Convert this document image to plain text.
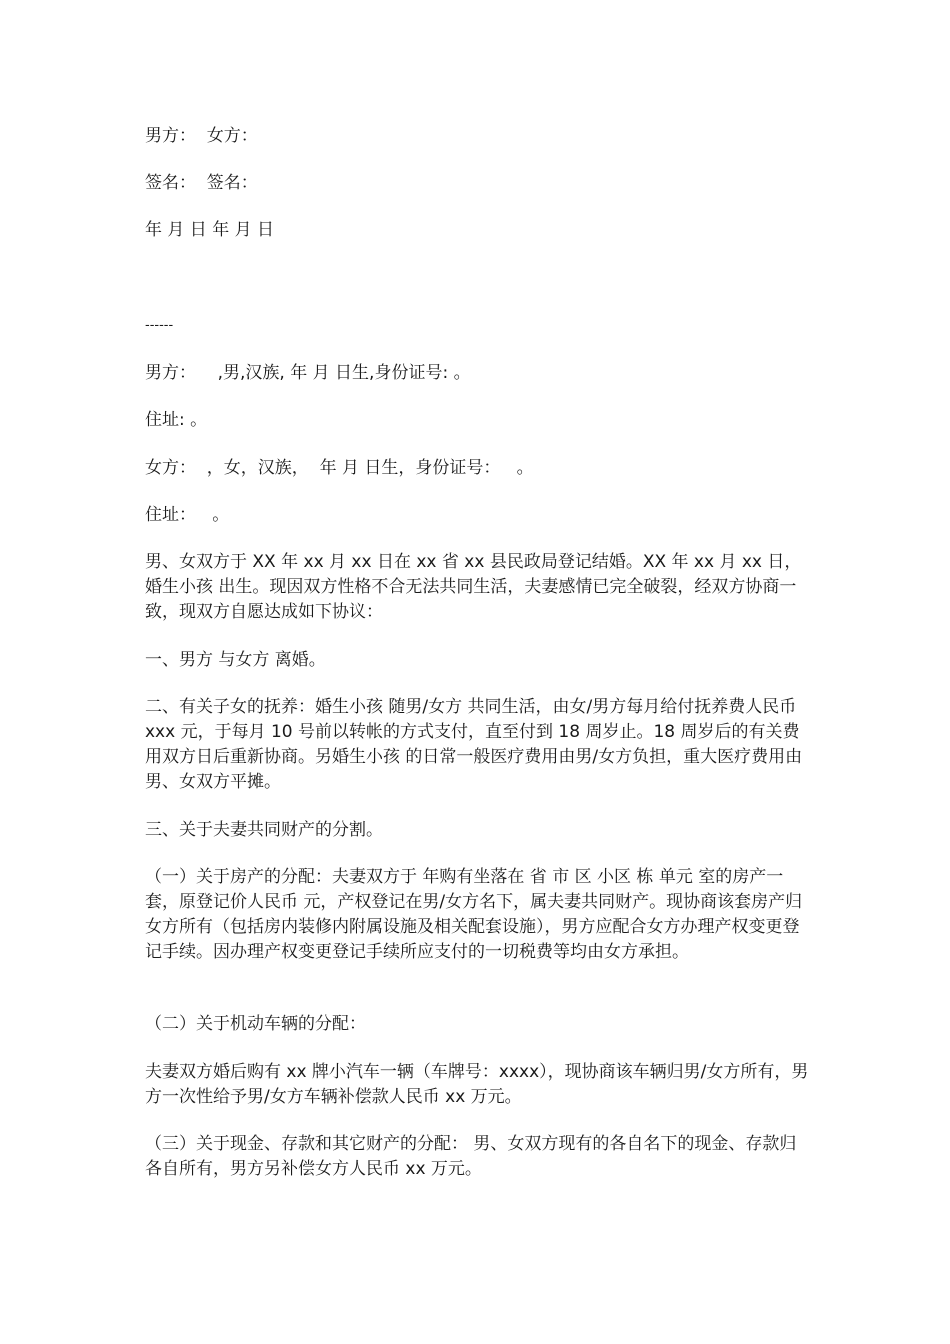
男方：  女方：

签名：  签名：

年 月 日 年 月 日

------

男方：    ,男,汉族, 年 月 日生,身份证号: 。

住址: 。

女方：  ，女，汉族，  年 月 日生，身份证号：   。

住址：   。

男、女双方于 XX 年 xx 月 xx 日在 xx 省 xx 县民政局登记结婚。XX 年 xx 月 xx 日，婚生小孩 出生。现因双方性格不合无法共同生活，夫妻感情已完全破裂，经双方协商一致，现双方自愿达成如下协议：

一、男方 与女方 离婚。

二、有关子女的抚养：婚生小孩 随男/女方 共同生活，由女/男方每月给付抚养费人民币 xxx 元，于每月 10 号前以转帐的方式支付，直至付到 18 周岁止。18 周岁后的有关费用双方日后重新协商。另婚生小孩 的日常一般医疗费用由男/女方负担，重大医疗费用由男、女双方平摊。

三、关于夫妻共同财产的分割。

（一）关于房产的分配：夫妻双方于 年购有坐落在 省 市 区 小区 栋 单元 室的房产一套，原登记价人民币 元，产权登记在男/女方名下，属夫妻共同财产。现协商该套房产归女方所有（包括房内装修内附属设施及相关配套设施），男方应配合女方办理产权变更登记手续。因办理产权变更登记手续所应支付的一切税费等均由女方承担。

（二）关于机动车辆的分配：

夫妻双方婚后购有 xx 牌小汽车一辆（车牌号：xxxx），现协商该车辆归男/女方所有，男方一次性给予男/女方车辆补偿款人民币 xx 万元。

（三）关于现金、存款和其它财产的分配： 男、女双方现有的各自名下的现金、存款归各自所有，男方另补偿女方人民币 xx 万元。
